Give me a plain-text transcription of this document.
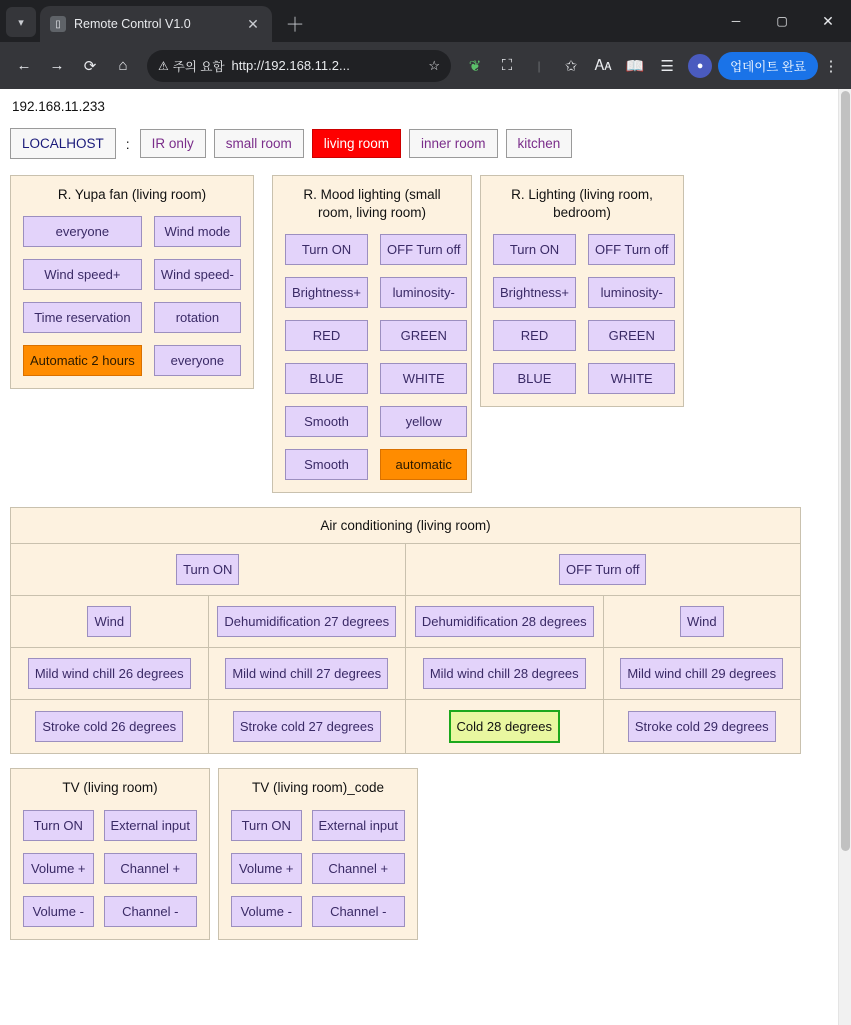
▾	▯	Remote Control V1.0	✕ ＋	─	▢	✕
←	→	⟳	⌂	⚠ 주의 요함 http://192.168.11.2...	☆	❦	⛶	|	✩	🗛 📖	☰	●	업데이트 완료	⋮
192.168.11.233
LOCALHOST	:	IR only	small room	living room	inner room	kitchen
R. Yupa fan (living room)
everyone	Wind mode
Wind speed+	Wind speed-
Time reservation	rotation
Automatic 2 hours	everyone
R. Mood lighting (small room, living room)
Turn ON	OFF Turn off
Brightness+	luminosity-
RED	GREEN
BLUE	WHITE
Smooth	yellow
Smooth	automatic
R. Lighting (living room, bedroom)
Turn ON	OFF Turn off
Brightness+	luminosity-
RED	GREEN
BLUE	WHITE
Air conditioning (living room)
Turn ON	OFF Turn off
Wind	Dehumidification 27 degrees	Dehumidification 28 degrees	Wind
Mild wind chill 26 degrees	Mild wind chill 27 degrees	Mild wind chill 28 degrees	Mild wind chill 29 degrees
Stroke cold 26 degrees	Stroke cold 27 degrees	Cold 28 degrees	Stroke cold 29 degrees
TV (living room)
Turn ON	External input
Volume +	Channel +
Volume -	Channel -
TV (living room)_code
Turn ON	External input
Volume +	Channel +
Volume -	Channel -
